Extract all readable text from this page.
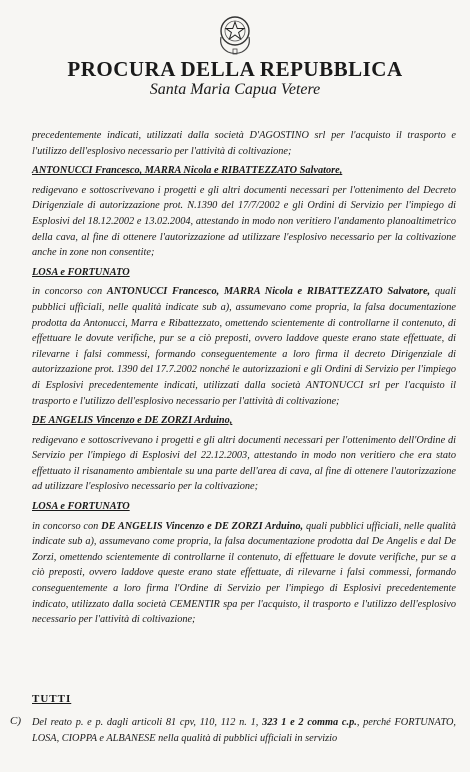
PROCURA DELLA REPUBBLICA
Santa Maria Capua Vetere

precedentemente indicati, utilizzati dalla società D'AGOSTINO srl per l'acquisto il trasporto e l'utilizzo dell'esplosivo necessario per l'attività di coltivazione;

ANTONUCCI Francesco, MARRA Nicola e RIBATTEZZATO Salvatore,

redigevano e sottoscrivevano i progetti e gli altri documenti necessari per l'ottenimento del Decreto Dirigenziale di autorizzazione prot. N.1390 del 17/7/2002 e gli Ordini di Servizio per l'impiego di Esplosivi del 18.12.2002 e 13.02.2004, attestando in modo non veritiero l'andamento planoaltimetrico della cava, al fine di ottenere l'autorizzazione ad utilizzare l'esplosivo necessario per la coltivazione anche in zone non consentite;

LOSA e FORTUNATO

in concorso con ANTONUCCI Francesco, MARRA Nicola e RIBATTEZZATO Salvatore, quali pubblici ufficiali, nelle qualità indicate sub a), assumevano come propria, la falsa documentazione prodotta da Antonucci, Marra e Ribattezzato, omettendo scientemente di controllarne il contenuto, di effettuare le dovute verifiche, pur se a ciò preposti, ovvero laddove queste erano state effettuate, di rilevarne i falsi commessi, formando conseguentemente a loro firma il decreto Dirigenziale di autorizzazione prot. 1390 del 17.7.2002 nonché le autorizzazioni e gli Ordini di Servizio per l'impiego di Esplosivi precedentemente indicati, utilizzati dalla società ANTONUCCI srl per l'acquisto il trasporto e l'utilizzo dell'esplosivo necessario per l'attività di coltivazione;

DE ANGELIS Vincenzo e DE ZORZI Arduino,

redigevano e sottoscrivevano i progetti e gli altri documenti necessari per l'ottenimento dell'Ordine di Servizio per l'impiego di Esplosivi del 22.12.2003, attestando in modo non veritiero che era stato effettuato il risanamento ambientale su una parte dell'area di cava, al fine di ottenere l'autorizzazione ad utilizzare l'esplosivo necessario per la coltivazione;

LOSA e FORTUNATO

in concorso con DE ANGELIS Vincenzo e DE ZORZI Arduino, quali pubblici ufficiali, nelle qualità indicate sub a), assumevano come propria, la falsa documentazione prodotta dal De Angelis e dal De Zorzi, omettendo scientemente di controllarne il contenuto, di effettuare le dovute verifiche, pur se a ciò preposti, ovvero laddove queste erano state effettuate, di rilevarne i falsi commessi, formando conseguentemente a loro firma l'Ordine di Servizio per l'impiego di Esplosivi precedentemente indicato, utilizzato dalla società CEMENTIR spa per l'acquisto, il trasporto e l'utilizzo dell'esplosivo necessario per l'attività di coltivazione;

TUTTI
C) Del reato p. e p. dagli articoli 81 cpv, 110, 112 n. 1, 323 1 e 2 comma c.p., perché FORTUNATO, LOSA, CIOPPA e ALBANESE nella qualità di pubblici ufficiali in servizio
